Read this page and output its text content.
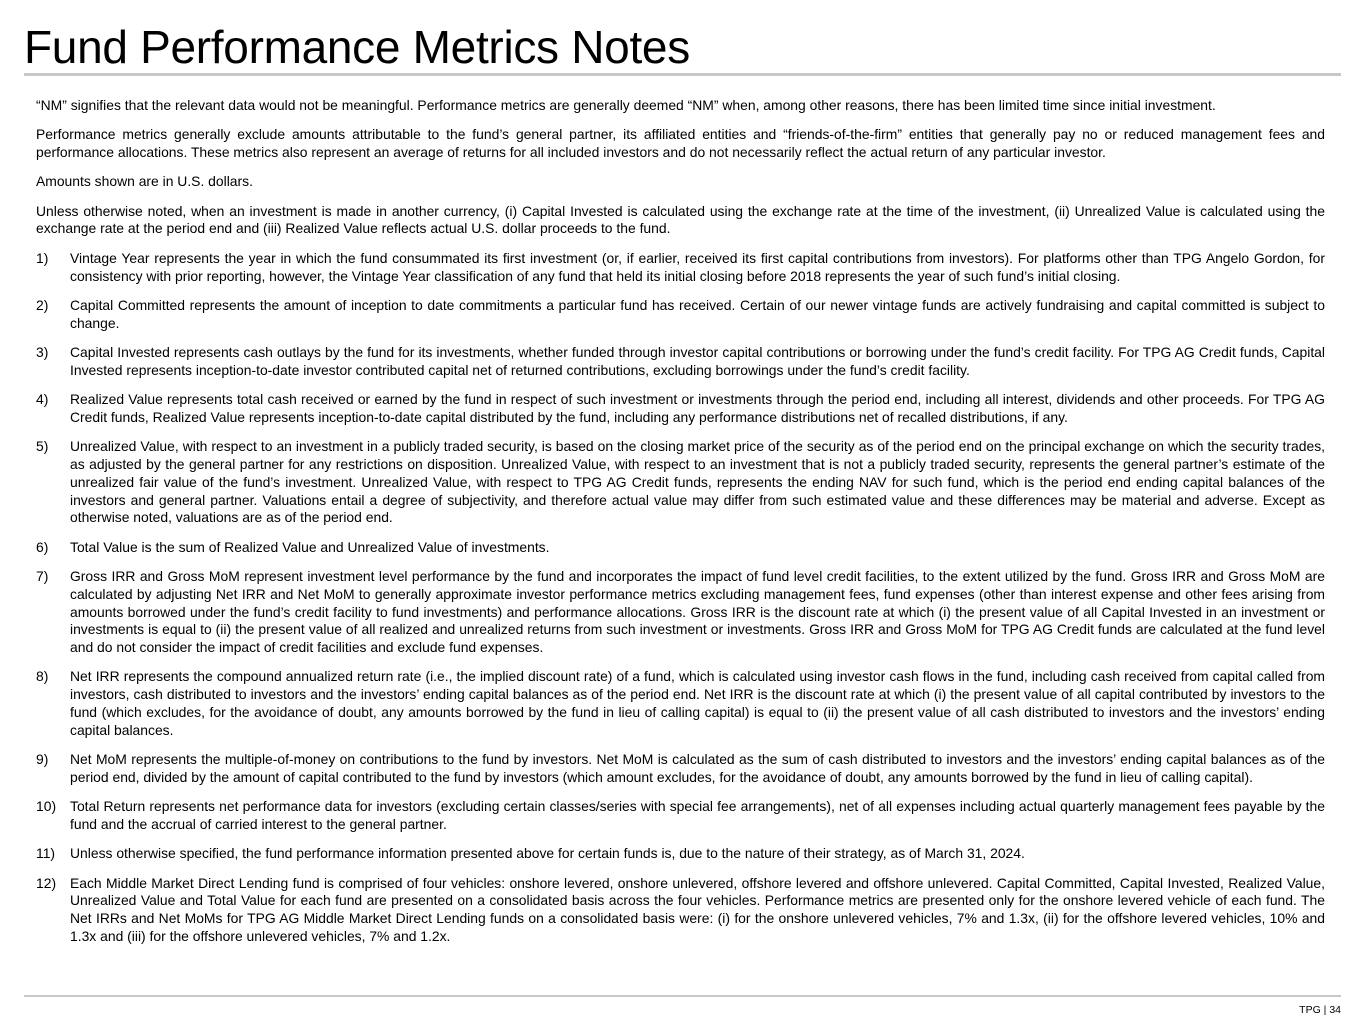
Fund Performance Metrics Notes

“NM” signifies that the relevant data would not be meaningful. Performance metrics are generally deemed “NM” when, among other reasons, there has been limited time since initial investment.

Performance metrics generally exclude amounts attributable to the fund’s general partner, its affiliated entities and “friends-of-the-firm” entities that generally pay no or reduced management fees and performance allocations. These metrics also represent an average of returns for all included investors and do not necessarily reflect the actual return of any particular investor.

Amounts shown are in U.S. dollars.

Unless otherwise noted, when an investment is made in another currency, (i) Capital Invested is calculated using the exchange rate at the time of the investment, (ii) Unrealized Value is calculated using the exchange rate at the period end and (iii) Realized Value reflects actual U.S. dollar proceeds to the fund.

1) Vintage Year represents the year in which the fund consummated its first investment (or, if earlier, received its first capital contributions from investors). For platforms other than TPG Angelo Gordon, for consistency with prior reporting, however, the Vintage Year classification of any fund that held its initial closing before 2018 represents the year of such fund’s initial closing.
2) Capital Committed represents the amount of inception to date commitments a particular fund has received. Certain of our newer vintage funds are actively fundraising and capital committed is subject to change.
3) Capital Invested represents cash outlays by the fund for its investments, whether funded through investor capital contributions or borrowing under the fund’s credit facility. For TPG AG Credit funds, Capital Invested represents inception-to-date investor contributed capital net of returned contributions, excluding borrowings under the fund’s credit facility.
4) Realized Value represents total cash received or earned by the fund in respect of such investment or investments through the period end, including all interest, dividends and other proceeds. For TPG AG Credit funds, Realized Value represents inception-to-date capital distributed by the fund, including any performance distributions net of recalled distributions, if any.
5) Unrealized Value, with respect to an investment in a publicly traded security, is based on the closing market price of the security as of the period end on the principal exchange on which the security trades, as adjusted by the general partner for any restrictions on disposition. Unrealized Value, with respect to an investment that is not a publicly traded security, represents the general partner’s estimate of the unrealized fair value of the fund’s investment. Unrealized Value, with respect to TPG AG Credit funds, represents the ending NAV for such fund, which is the period end ending capital balances of the investors and general partner. Valuations entail a degree of subjectivity, and therefore actual value may differ from such estimated value and these differences may be material and adverse. Except as otherwise noted, valuations are as of the period end.
6) Total Value is the sum of Realized Value and Unrealized Value of investments.
7) Gross IRR and Gross MoM represent investment level performance by the fund and incorporates the impact of fund level credit facilities, to the extent utilized by the fund. Gross IRR and Gross MoM are calculated by adjusting Net IRR and Net MoM to generally approximate investor performance metrics excluding management fees, fund expenses (other than interest expense and other fees arising from amounts borrowed under the fund’s credit facility to fund investments) and performance allocations. Gross IRR is the discount rate at which (i) the present value of all Capital Invested in an investment or investments is equal to (ii) the present value of all realized and unrealized returns from such investment or investments. Gross IRR and Gross MoM for TPG AG Credit funds are calculated at the fund level and do not consider the impact of credit facilities and exclude fund expenses.
8) Net IRR represents the compound annualized return rate (i.e., the implied discount rate) of a fund, which is calculated using investor cash flows in the fund, including cash received from capital called from investors, cash distributed to investors and the investors’ ending capital balances as of the period end. Net IRR is the discount rate at which (i) the present value of all capital contributed by investors to the fund (which excludes, for the avoidance of doubt, any amounts borrowed by the fund in lieu of calling capital) is equal to (ii) the present value of all cash distributed to investors and the investors’ ending capital balances.
9) Net MoM represents the multiple-of-money on contributions to the fund by investors. Net MoM is calculated as the sum of cash distributed to investors and the investors’ ending capital balances as of the period end, divided by the amount of capital contributed to the fund by investors (which amount excludes, for the avoidance of doubt, any amounts borrowed by the fund in lieu of calling capital).
10) Total Return represents net performance data for investors (excluding certain classes/series with special fee arrangements), net of all expenses including actual quarterly management fees payable by the fund and the accrual of carried interest to the general partner.
11) Unless otherwise specified, the fund performance information presented above for certain funds is, due to the nature of their strategy, as of March 31, 2024.
12) Each Middle Market Direct Lending fund is comprised of four vehicles: onshore levered, onshore unlevered, offshore levered and offshore unlevered. Capital Committed, Capital Invested, Realized Value, Unrealized Value and Total Value for each fund are presented on a consolidated basis across the four vehicles. Performance metrics are presented only for the onshore levered vehicle of each fund. The Net IRRs and Net MoMs for TPG AG Middle Market Direct Lending funds on a consolidated basis were: (i) for the onshore unlevered vehicles, 7% and 1.3x, (ii) for the offshore levered vehicles, 10% and 1.3x and (iii) for the offshore unlevered vehicles, 7% and 1.2x.
TPG | 34
